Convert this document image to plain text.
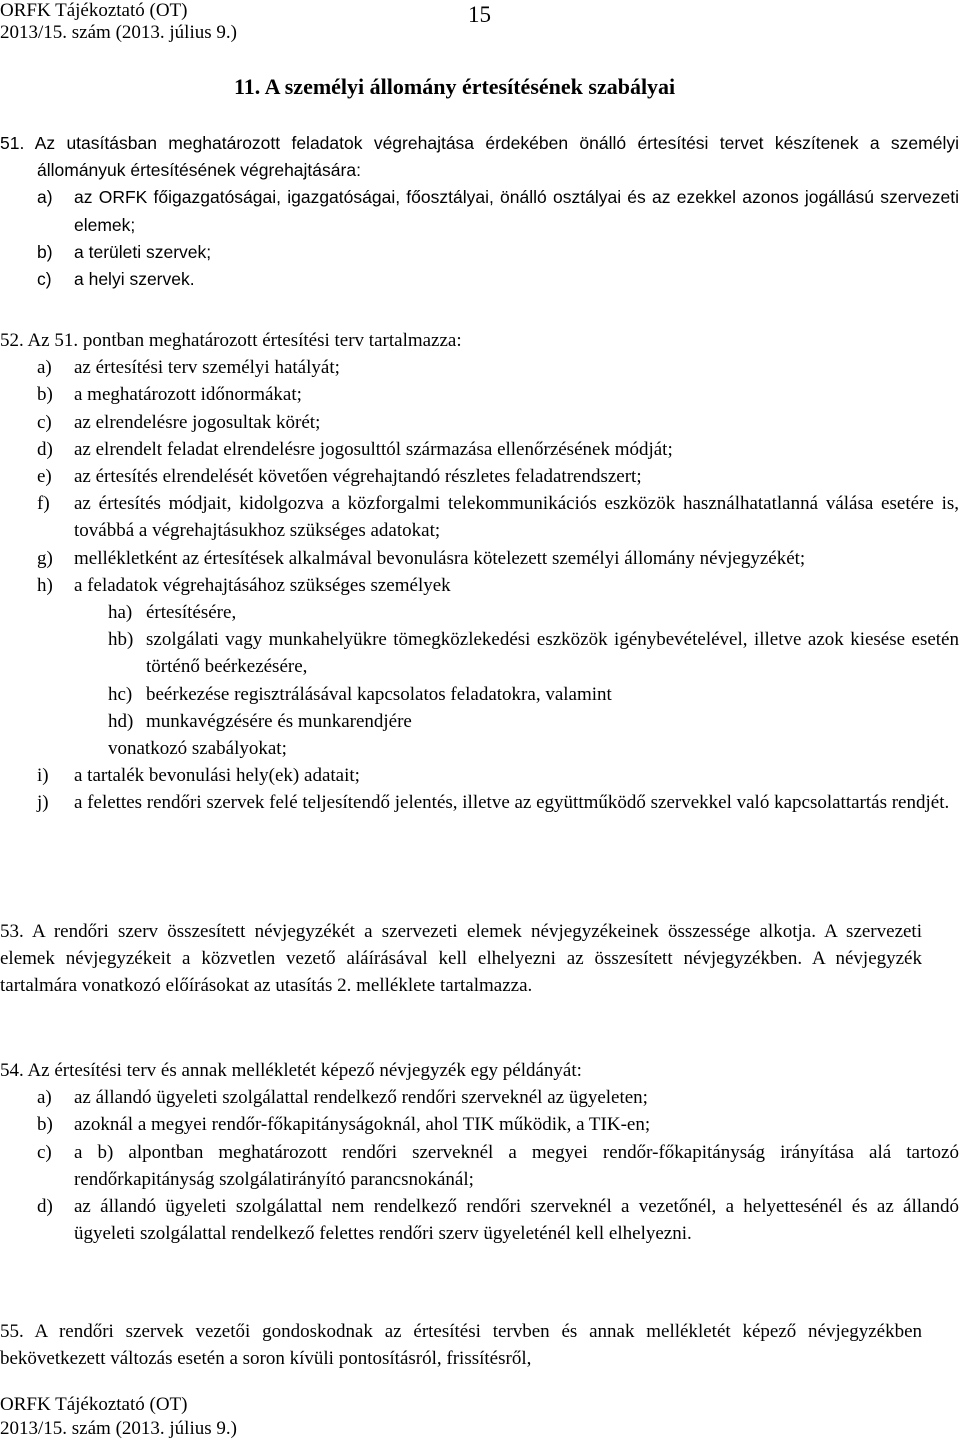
ORFK Tájékoztató (OT)
2013/15. szám (2013. július 9.)
15
11. A személyi állomány értesítésének szabályai

51. Az utasításban meghatározott feladatok végrehajtása érdekében önálló értesítési tervet készítenek a személyi állományuk értesítésének végrehajtására:

a) az ORFK főigazgatóságai, igazgatóságai, főosztályai, önálló osztályai és az ezekkel azonos jogállású szervezeti elemek;
b) a területi szervek;
c) a helyi szervek.

52. Az 51. pontban meghatározott értesítési terv tartalmazza:

a) az értesítési terv személyi hatályát;
b) a meghatározott időnormákat;
c) az elrendelésre jogosultak körét;
d) az elrendelt feladat elrendelésre jogosulttól származása ellenőrzésének módját;
e) az értesítés elrendelését követően végrehajtandó részletes feladatrendszert;
f) az értesítés módjait, kidolgozva a közforgalmi telekommunikációs eszközök használhatatlanná válása esetére is, továbbá a végrehajtásukhoz szükséges adatokat;
g) mellékletként az értesítések alkalmával bevonulásra kötelezett személyi állomány névjegyzékét;
h) a feladatok végrehajtásához szükséges személyek
ha) értesítésére,
hb) szolgálati vagy munkahelyükre tömegközlekedési eszközök igénybevételével, illetve azok kiesése esetén történő beérkezésére,
hc) beérkezése regisztrálásával kapcsolatos feladatokra, valamint
hd) munkavégzésére és munkarendjére
vonatkozó szabályokat;
i) a tartalék bevonulási hely(ek) adatait;
j) a felettes rendőri szervek felé teljesítendő jelentés, illetve az együttműködő szervekkel való kapcsolattartás rendjét.

53. A rendőri szerv összesített névjegyzékét a szervezeti elemek névjegyzékeinek összessége alkotja. A szervezeti elemek névjegyzékeit a közvetlen vezető aláírásával kell elhelyezni az összesített névjegyzékben. A névjegyzék tartalmára vonatkozó előírásokat az utasítás 2. melléklete tartalmazza.

54. Az értesítési terv és annak mellékletét képező névjegyzék egy példányát:

a) az állandó ügyeleti szolgálattal rendelkező rendőri szerveknél az ügyeleten;
b) azoknál a megyei rendőr-főkapitányságoknál, ahol TIK működik, a TIK-en;
c) a b) alpontban meghatározott rendőri szerveknél a megyei rendőr-főkapitányság irányítása alá tartozó rendőrkapitányság szolgálatirányító parancsnokánál;
d) az állandó ügyeleti szolgálattal nem rendelkező rendőri szerveknél a vezetőnél, a helyettesénél és az állandó ügyeleti szolgálattal rendelkező felettes rendőri szerv ügyeleténél kell elhelyezni.

55. A rendőri szervek vezetői gondoskodnak az értesítési tervben és annak mellékletét képező névjegyzékben bekövetkezett változás esetén a soron kívüli pontosításról, frissítésről,

ORFK Tájékoztató (OT)
2013/15. szám (2013. július 9.)
